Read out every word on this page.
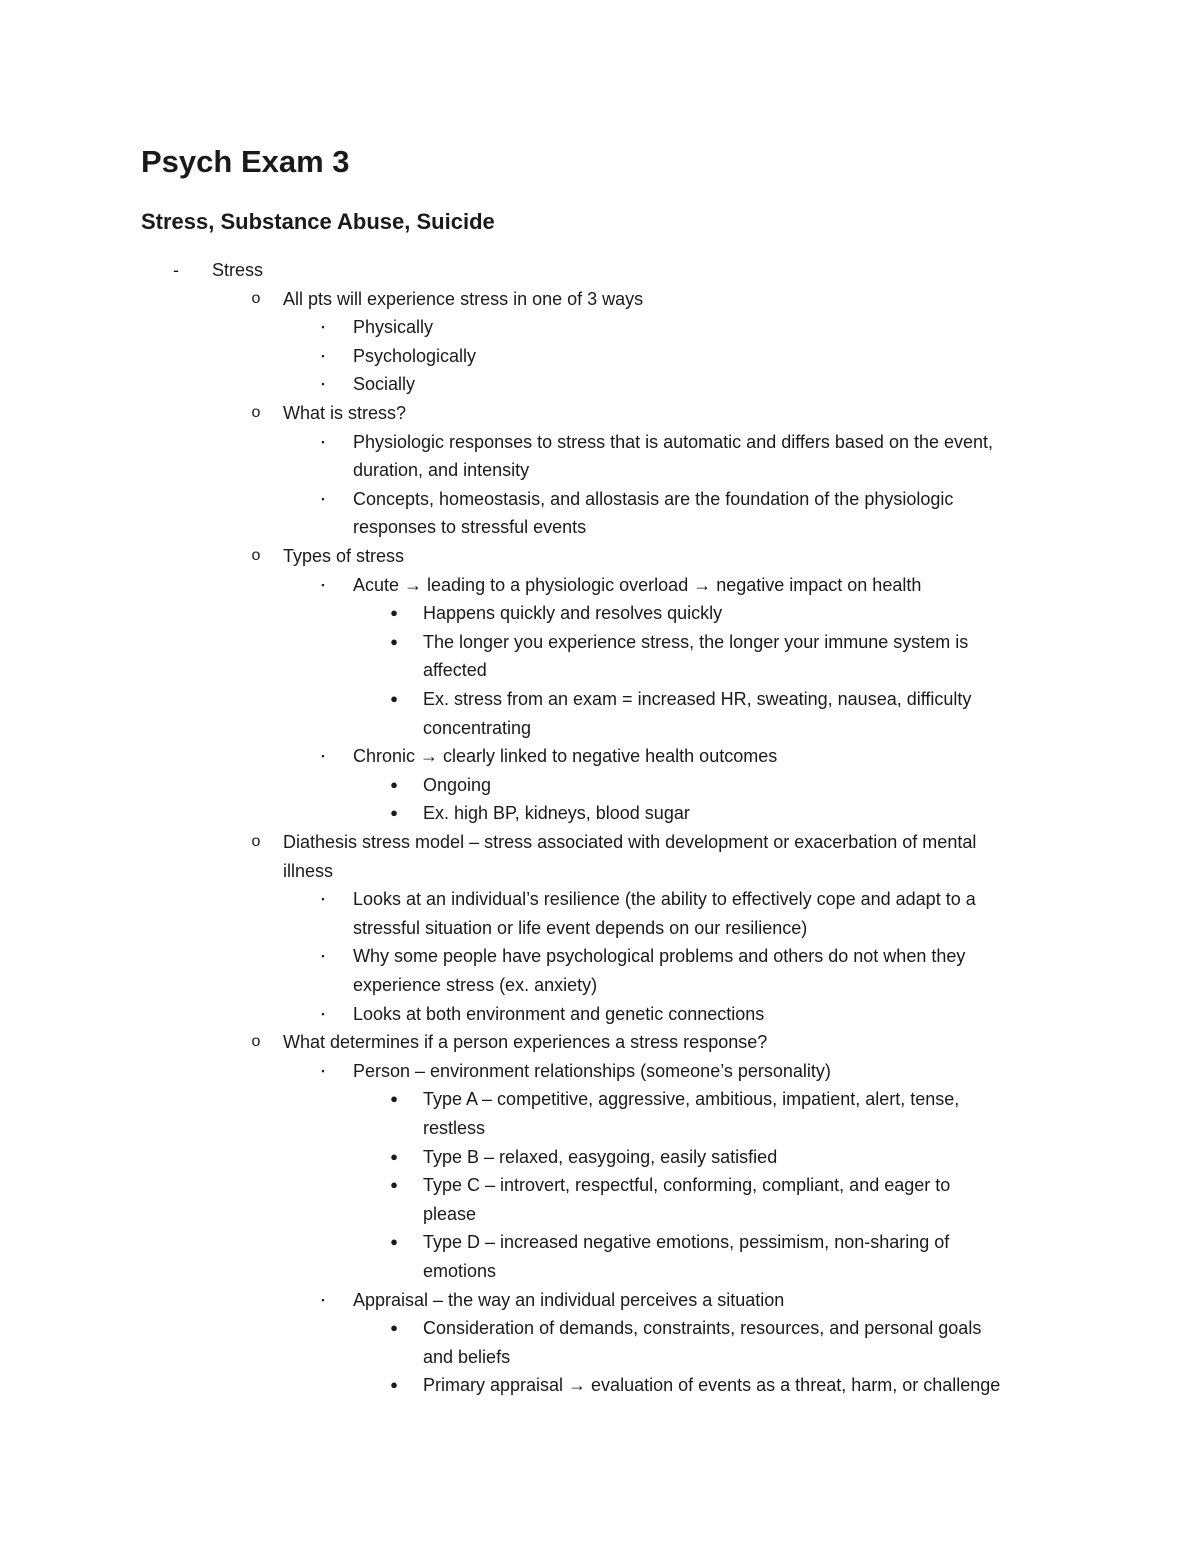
Psych Exam 3
Stress, Substance Abuse, Suicide
-	Stress
o	All pts will experience stress in one of 3 ways
▪	Physically
▪	Psychologically
▪	Socially
o	What is stress?
▪	Physiologic responses to stress that is automatic and differs based on the event,
duration, and intensity
▪	Concepts, homeostasis, and allostasis are the foundation of the physiologic
responses to stressful events
o	Types of stress
▪	Acute → leading to a physiologic overload → negative impact on health
●	Happens quickly and resolves quickly
●	The longer you experience stress, the longer your immune system is
affected
●	Ex. stress from an exam = increased HR, sweating, nausea, difficulty
concentrating
▪	Chronic → clearly linked to negative health outcomes
●	Ongoing
●	Ex. high BP, kidneys, blood sugar
o	Diathesis stress model – stress associated with development or exacerbation of mental
illness
▪	Looks at an individual’s resilience (the ability to effectively cope and adapt to a
stressful situation or life event depends on our resilience)
▪	Why some people have psychological problems and others do not when they
experience stress (ex. anxiety)
▪	Looks at both environment and genetic connections
o	What determines if a person experiences a stress response?
▪	Person – environment relationships (someone’s personality)
●	Type A – competitive, aggressive, ambitious, impatient, alert, tense,
restless
●	Type B – relaxed, easygoing, easily satisfied
●	Type C – introvert, respectful, conforming, compliant, and eager to
please
●	Type D – increased negative emotions, pessimism, non-sharing of
emotions
▪	Appraisal – the way an individual perceives a situation
●	Consideration of demands, constraints, resources, and personal goals
and beliefs
●	Primary appraisal → evaluation of events as a threat, harm, or challenge
